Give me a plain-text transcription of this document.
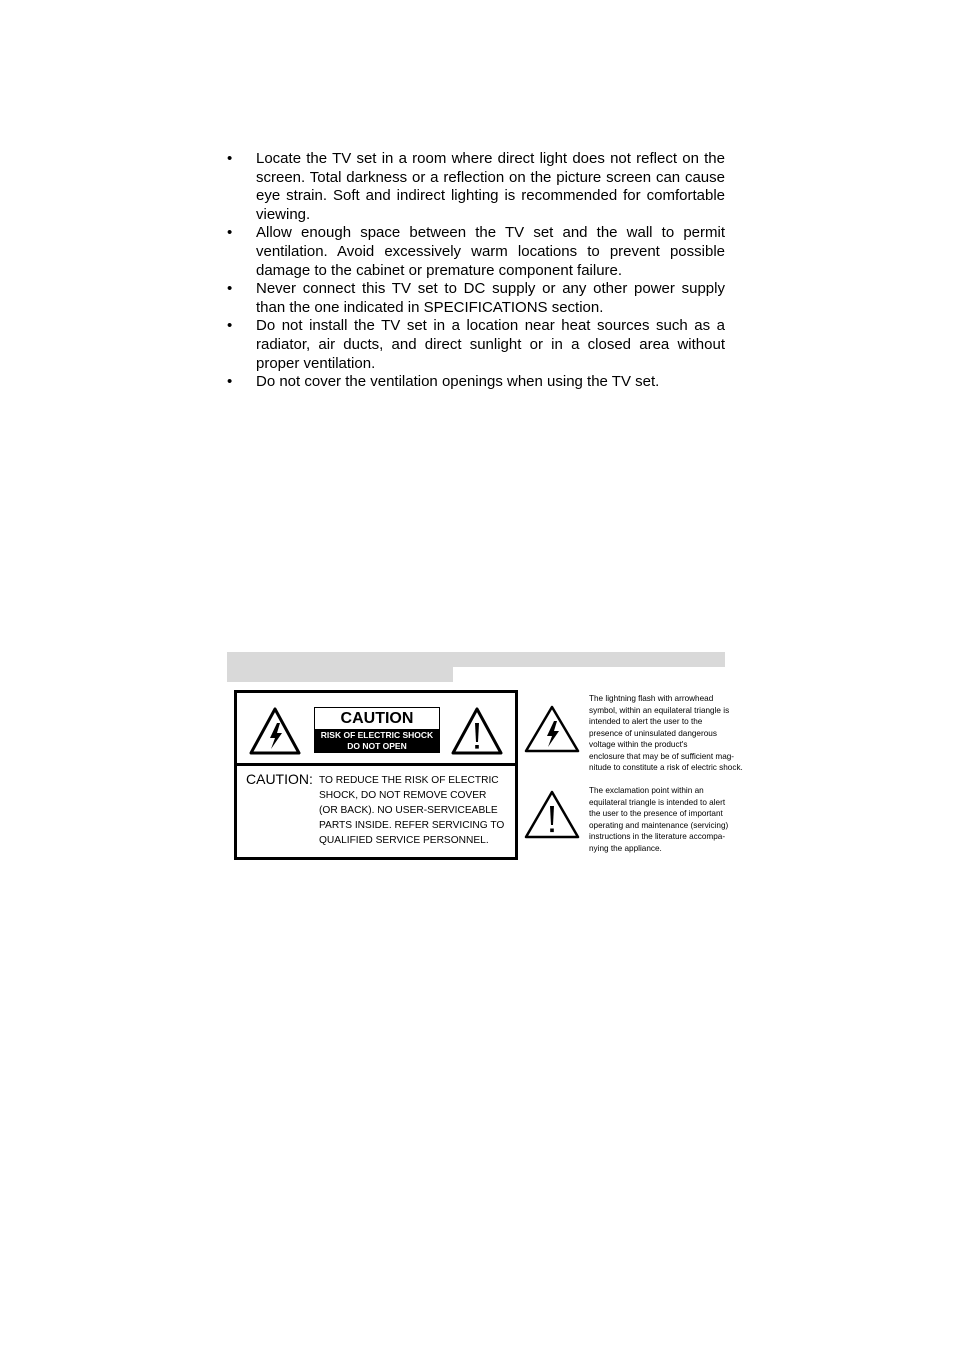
• Locate the TV set in a room where direct light does not reflect on the screen. Total darkness or a reflection on the picture screen can cause eye strain. Soft and indirect lighting is recommended for comfortable viewing.
• Allow enough space between the TV set and the wall to permit ventilation. Avoid excessively warm locations to prevent possible damage to the cabinet or premature component failure.
• Never connect this TV set to DC supply or any other power supply than the one indicated in SPECIFICATIONS section.
• Do not install the TV set in a location near heat sources such as a radiator, air ducts, and direct sunlight or in a closed area without proper ventilation.
• Do not cover the ventilation openings when using the TV set.
CAUTION
RISK OF ELECTRIC SHOCK
DO NOT OPEN
CAUTION: TO REDUCE THE RISK OF ELECTRIC
SHOCK, DO NOT REMOVE COVER
(OR BACK). NO USER-SERVICEABLE
PARTS INSIDE. REFER SERVICING TO
QUALIFIED SERVICE PERSONNEL.
The lightning flash with arrowhead
symbol, within an equilateral triangle is
intended to alert the user to the
presence of uninsulated dangerous
voltage within the product's
enclosure that may be of sufficient mag-
nitude to constitute a risk of electric shock.
The exclamation point within an
equilateral triangle is intended to alert
the user to the presence of important
operating and maintenance (servicing)
instructions in the literature accompa-
nying the appliance.
